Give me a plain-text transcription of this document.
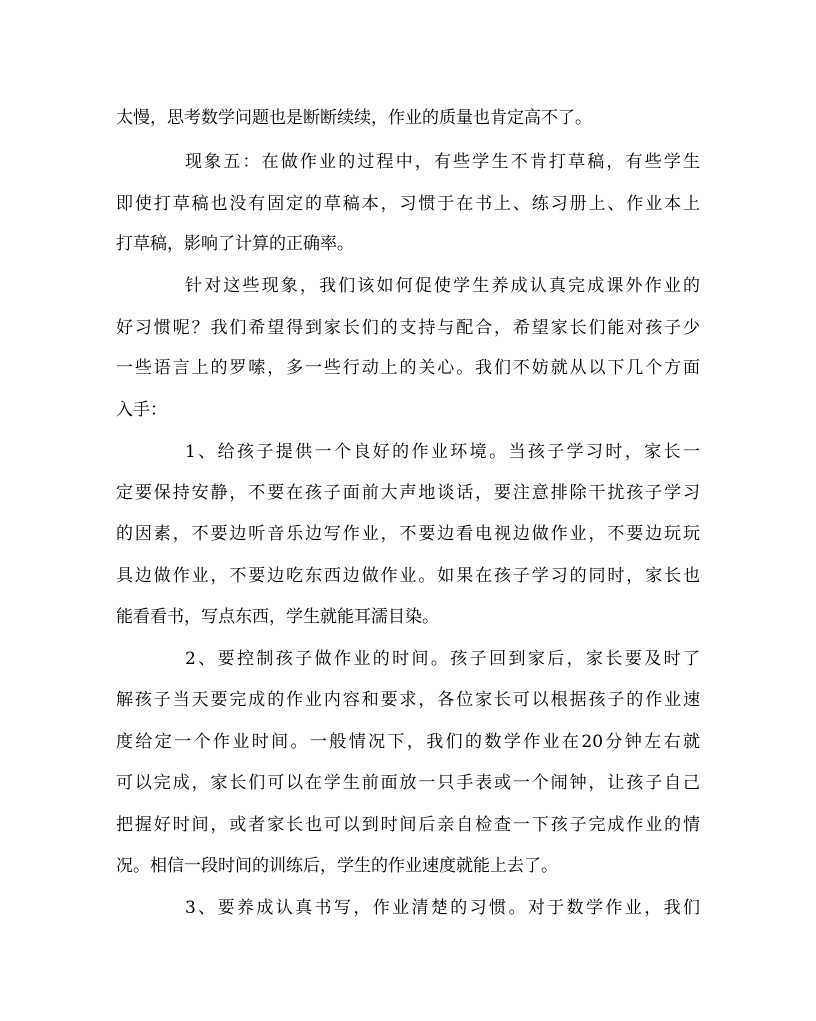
太慢，思考数学问题也是断断续续，作业的质量也肯定高不了。
现象五：在做作业的过程中，有些学生不肯打草稿，有些学生
即使打草稿也没有固定的草稿本，习惯于在书上、练习册上、作业本上
打草稿，影响了计算的正确率。
针对这些现象，我们该如何促使学生养成认真完成课外作业的
好习惯呢？我们希望得到家长们的支持与配合，希望家长们能对孩子少
一些语言上的罗嗦，多一些行动上的关心。我们不妨就从以下几个方面
入手：
1、给孩子提供一个良好的作业环境。当孩子学习时，家长一
定要保持安静，不要在孩子面前大声地谈话，要注意排除干扰孩子学习
的因素，不要边听音乐边写作业，不要边看电视边做作业，不要边玩玩
具边做作业，不要边吃东西边做作业。如果在孩子学习的同时，家长也
能看看书，写点东西，学生就能耳濡目染。
2、要控制孩子做作业的时间。孩子回到家后，家长要及时了
解孩子当天要完成的作业内容和要求，各位家长可以根据孩子的作业速
度给定一个作业时间。一般情况下，我们的数学作业在20分钟左右就
可以完成，家长们可以在学生前面放一只手表或一个闹钟，让孩子自己
把握好时间，或者家长也可以到时间后亲自检查一下孩子完成作业的情
况。相信一段时间的训练后，学生的作业速度就能上去了。
3、要养成认真书写，作业清楚的习惯。对于数学作业，我们
